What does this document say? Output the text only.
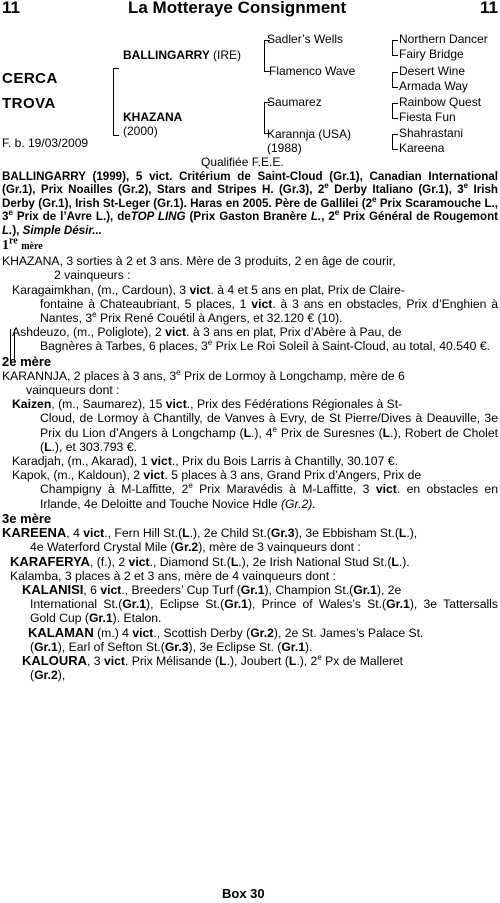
11	La Motteraye Consignment	11
CERCA
TROVA
F. b. 19/03/2009
BALLINGARRY (IRE)
KHAZANA
(2000)
Sadler’s Wells
Flamenco Wave
Saumarez
Karannja (USA)
(1988)
Northern Dancer
Fairy Bridge
Desert Wine
Armada Way
Rainbow Quest
Fiesta Fun
Shahrastani
Kareena
Qualifiée F.E.E.

BALLINGARRY (1999), 5 vict. Critérium de Saint-Cloud (Gr.1), Canadian International (Gr.1), Prix Noailles (Gr.2), Stars and Stripes H. (Gr.3), 2e Derby Italiano (Gr.1), 3e Irish Derby (Gr.1), Irish St-Leger (Gr.1). Haras en 2005. Père de Gallilei (2e Prix Scaramouche L., 3e Prix de l’Avre L.), deTOP LING (Prix Gaston Branère L., 2e Prix Général de Rougemont L.), Simple Désir...

1re mère

KHAZANA, 3 sorties à 2 et 3 ans. Mère de 3 produits, 2 en âge de courir,

2 vainqueurs :

Karagaimkhan, (m., Cardoun), 3 vict. à 4 et 5 ans en plat, Prix de Claire-

fontaine à Chateaubriant, 5 places, 1 vict. à 3 ans en obstacles, Prix d’Enghien à Nantes, 3e Prix René Couétil à Angers, et 32.120 € (10).

Ashdeuzo, (m., Poliglote), 2 vict. à 3 ans en plat, Prix d’Abère à Pau, de

Bagnères à Tarbes, 6 places, 3e Prix Le Roi Soleil à Saint-Cloud, au total, 40.540 €.

2e mère

KARANNJA, 2 places à 3 ans, 3e Prix de Lormoy à Longchamp, mère de 6

vainqueurs dont :

Kaizen, (m., Saumarez), 15 vict., Prix des Fédérations Régionales à St-

Cloud, de Lormoy à Chantilly, de Vanves à Evry, de St Pierre/Dives à Deauville, 3e Prix du Lion d’Angers à Longchamp (L.), 4e Prix de Suresnes (L.), Robert de Cholet (L.), et 303.793 €.

Karadjah, (m., Akarad), 1 vict., Prix du Bois Larris à Chantilly, 30.107 €.

Kapok, (m., Kaldoun), 2 vict. 5 places à 3 ans, Grand Prix d’Angers, Prix de

Champigny à M-Laffitte, 2e Prix Maravédis à M-Laffitte, 3 vict. en obstacles en Irlande, 4e Deloitte and Touche Novice Hdle (Gr.2).

3e mère

KAREENA, 4 vict., Fern Hill St.(L.), 2e Child St.(Gr.3), 3e Ebbisham St.(L.),

4e Waterford Crystal Mile (Gr.2), mère de 3 vainqueurs dont :

KARAFERYA, (f.), 2 vict., Diamond St.(L.), 2e Irish National Stud St.(L.).

Kalamba, 3 places à 2 et 3 ans, mère de 4 vainqueurs dont :

KALANISI, 6 vict., Breeders’ Cup Turf (Gr.1), Champion St.(Gr.1), 2e

International St.(Gr.1), Eclipse St.(Gr.1), Prince of Wales’s St.(Gr.1), 3e Tattersalls Gold Cup (Gr.1). Etalon.

KALAMAN (m.) 4 vict., Scottish Derby (Gr.2), 2e St. James’s Palace St.

(Gr.1), Earl of Sefton St.(Gr.3), 3e Eclipse St. (Gr.1).

KALOURA, 3 vict. Prix Mélisande (L.), Joubert (L.), 2e Px de Malleret

(Gr.2),

Box 30
